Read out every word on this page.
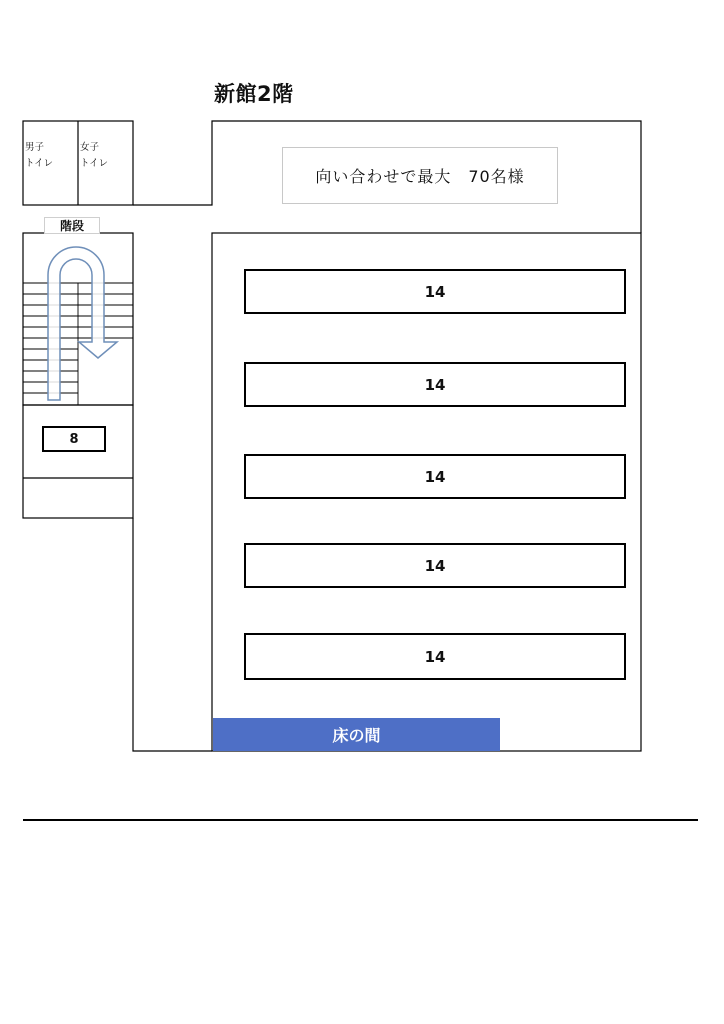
新館2階
男子
トイレ
女子
トイレ
階段
向い合わせで最大　70名様
8
14
14
14
14
14
床の間
